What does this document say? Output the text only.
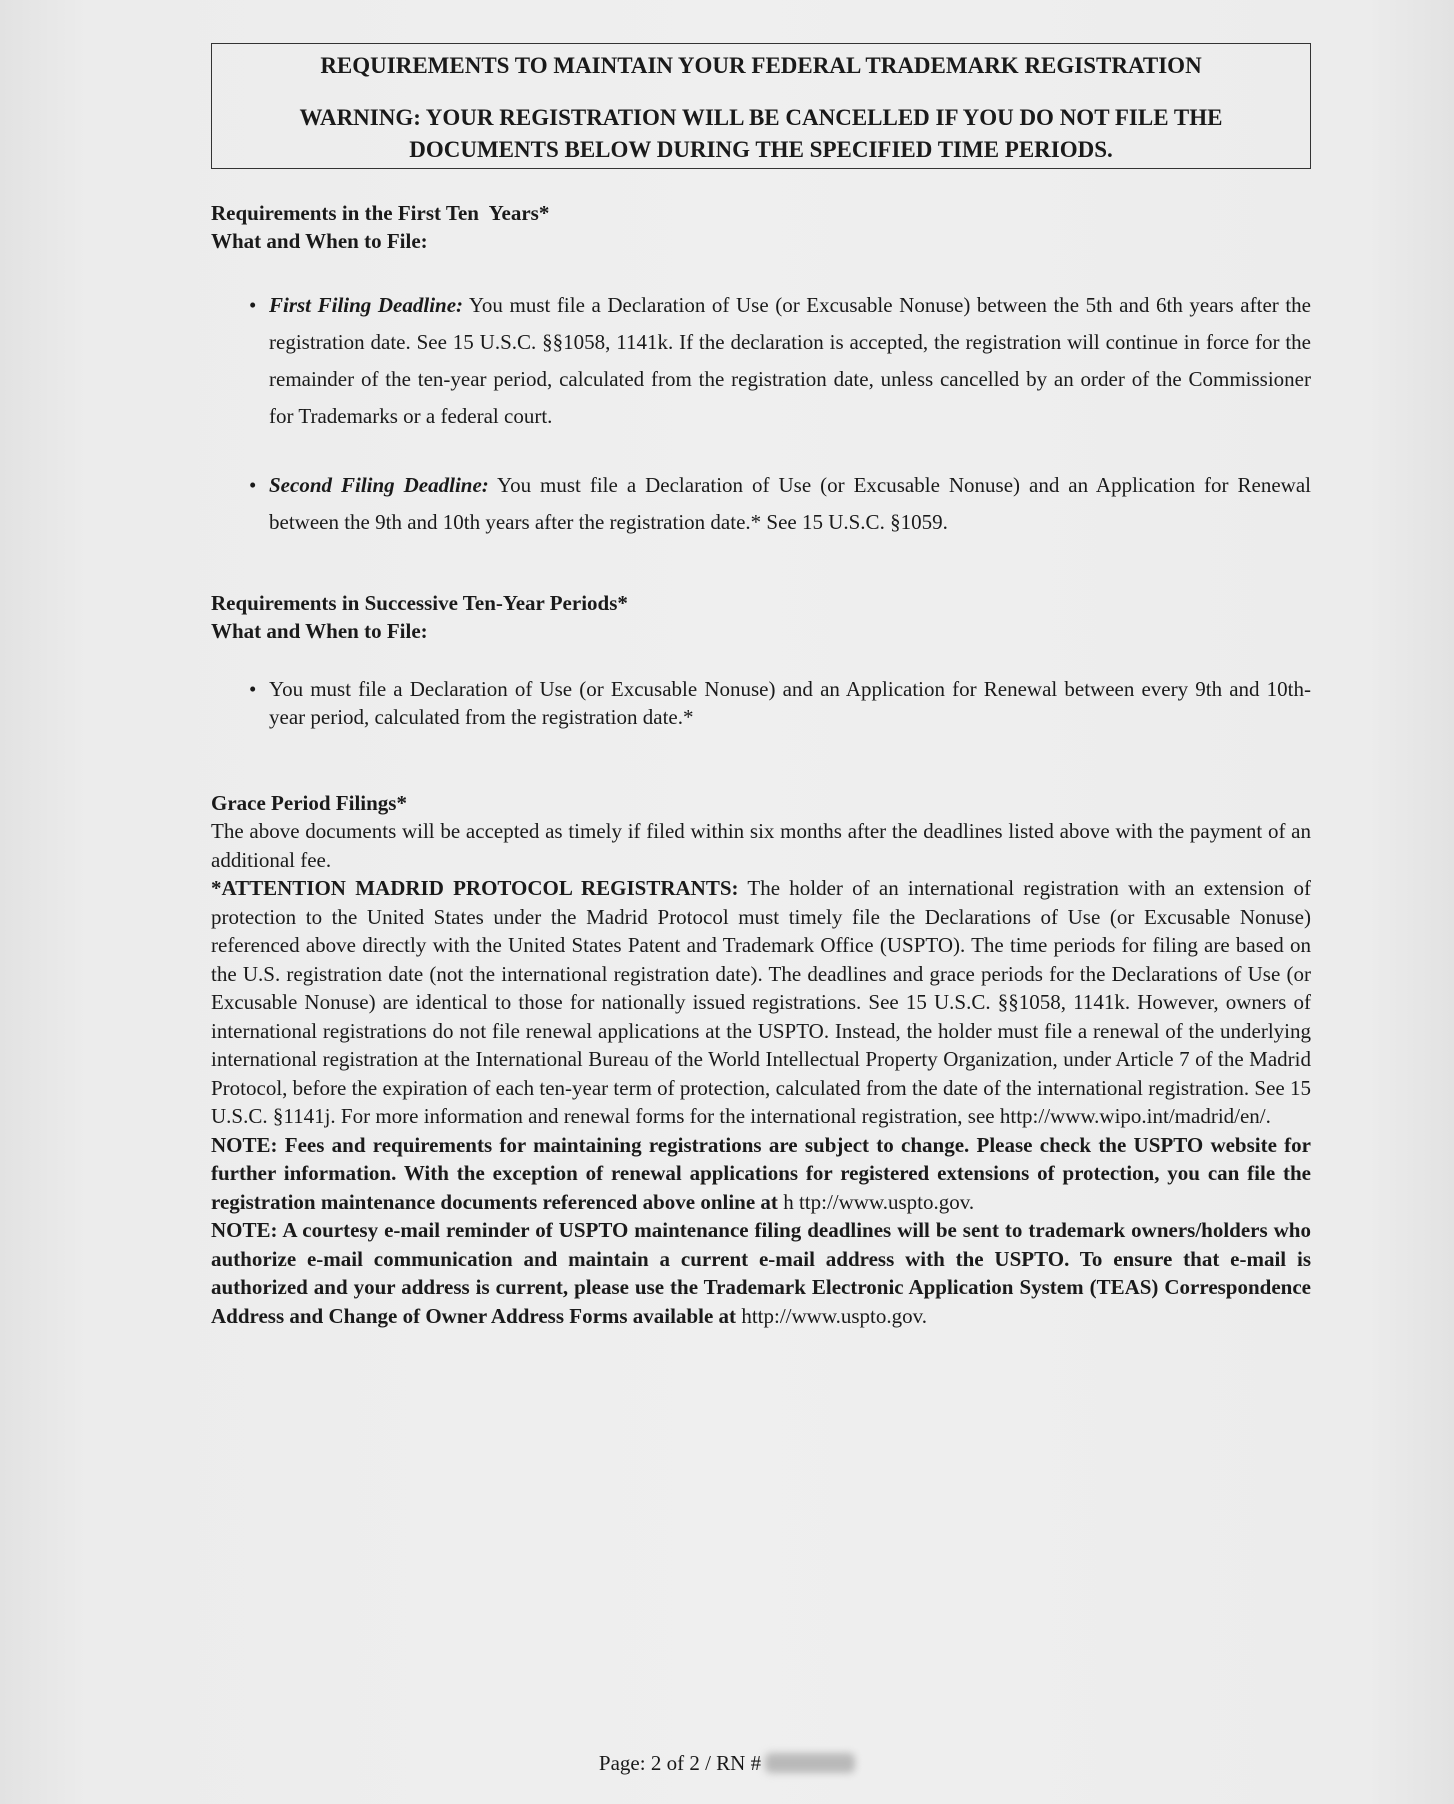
REQUIREMENTS TO MAINTAIN YOUR FEDERAL TRADEMARK REGISTRATION

WARNING: YOUR REGISTRATION WILL BE CANCELLED IF YOU DO NOT FILE THE DOCUMENTS BELOW DURING THE SPECIFIED TIME PERIODS.

Requirements in the First Ten  Years*
What and When to File:
• First Filing Deadline: You must file a Declaration of Use (or Excusable Nonuse) between the 5th and 6th years after the registration date. See 15 U.S.C. §§1058, 1141k. If the declaration is accepted, the registration will continue in force for the remainder of the ten-year period, calculated from the registration date, unless cancelled by an order of the Commissioner for Trademarks or a federal court.
• Second Filing Deadline: You must file a Declaration of Use (or Excusable Nonuse) and an Application for Renewal between the 9th and 10th years after the registration date.* See 15 U.S.C. §1059.
Requirements in Successive Ten-Year Periods*
What and When to File:
• You must file a Declaration of Use (or Excusable Nonuse) and an Application for Renewal between every 9th and 10th-year period, calculated from the registration date.*
Grace Period Filings*

The above documents will be accepted as timely if filed within six months after the deadlines listed above with the payment of an additional fee.

*ATTENTION MADRID PROTOCOL REGISTRANTS: The holder of an international registration with an extension of protection to the United States under the Madrid Protocol must timely file the Declarations of Use (or Excusable Nonuse) referenced above directly with the United States Patent and Trademark Office (USPTO). The time periods for filing are based on the U.S. registration date (not the international registration date). The deadlines and grace periods for the Declarations of Use (or Excusable Nonuse) are identical to those for nationally issued registrations. See 15 U.S.C. §§1058, 1141k. However, owners of international registrations do not file renewal applications at the USPTO. Instead, the holder must file a renewal of the underlying international registration at the International Bureau of the World Intellectual Property Organization, under Article 7 of the Madrid Protocol, before the expiration of each ten-year term of protection, calculated from the date of the international registration. See 15 U.S.C. §1141j. For more information and renewal forms for the international registration, see http://www.wipo.int/madrid/en/.

NOTE: Fees and requirements for maintaining registrations are subject to change. Please check the USPTO website for further information. With the exception of renewal applications for registered extensions of protection, you can file the registration maintenance documents referenced above online at h ttp://www.uspto.gov.

NOTE: A courtesy e-mail reminder of USPTO maintenance filing deadlines will be sent to trademark owners/holders who authorize e-mail communication and maintain a current e-mail address with the USPTO. To ensure that e-mail is authorized and your address is current, please use the Trademark Electronic Application System (TEAS) Correspondence Address and Change of Owner Address Forms available at http://www.uspto.gov.

Page: 2 of 2 / RN #
